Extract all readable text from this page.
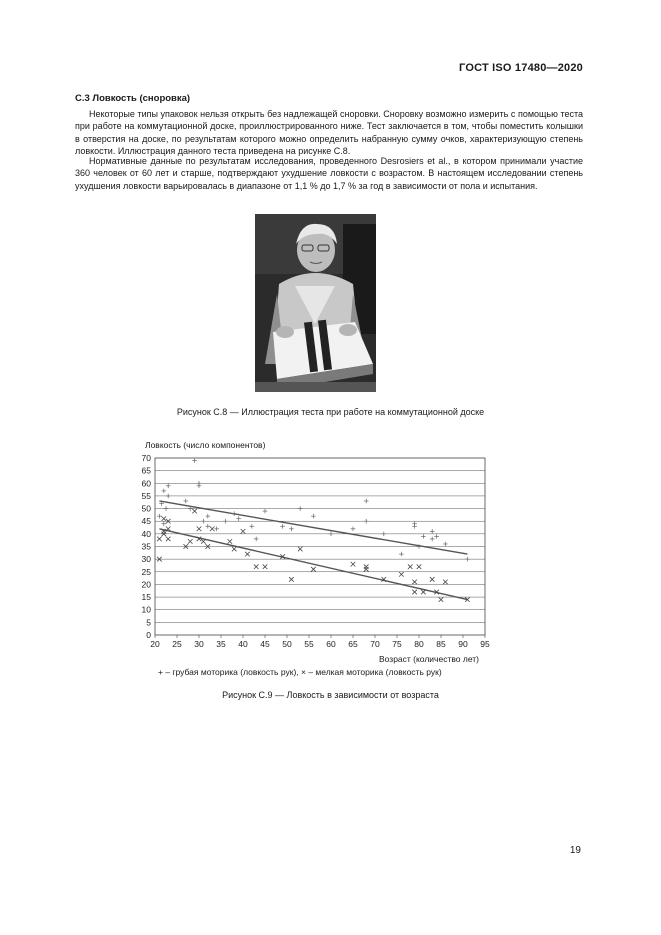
ГОСТ ISO 17480—2020
С.3 Ловкость (сноровка)

Некоторые типы упаковок нельзя открыть без надлежащей сноровки. Сноровку возможно измерить с помощью теста при работе на коммутационной доске, проиллюстрированного ниже. Тест заключается в том, чтобы поместить колышки в отверстия на доске, по результатам которого можно определить набранную сумму очков, характеризующую степень ловкости. Иллюстрация данного теста приведена на рисунке С.8.

Нормативные данные по результатам исследования, проведенного Desrosiers et al., в котором принимали участие 360 человек от 60 лет и старше, подтверждают ухудшение ловкости с возрастом. В настоящем исследовании степень ухудшения ловкости варьировалась в диапазоне от 1,1 % до 1,7 % за год в зависимости от пола и испытания.

Рисунок С.8 — Иллюстрация теста при работе на коммутационной доске
Ловкость (число компонентов)
0
5
10
15
20
25
30
35
40
45
50
55
60
65
70
20 25 30 35 40 45 50 55 60 65 70 75 80 85 90 95
Возраст (количество лет)
+ – грубая моторика (ловкость рук), × – мелкая моторика (ловкость рук)
Рисунок С.9 — Ловкость в зависимости от возраста
19
